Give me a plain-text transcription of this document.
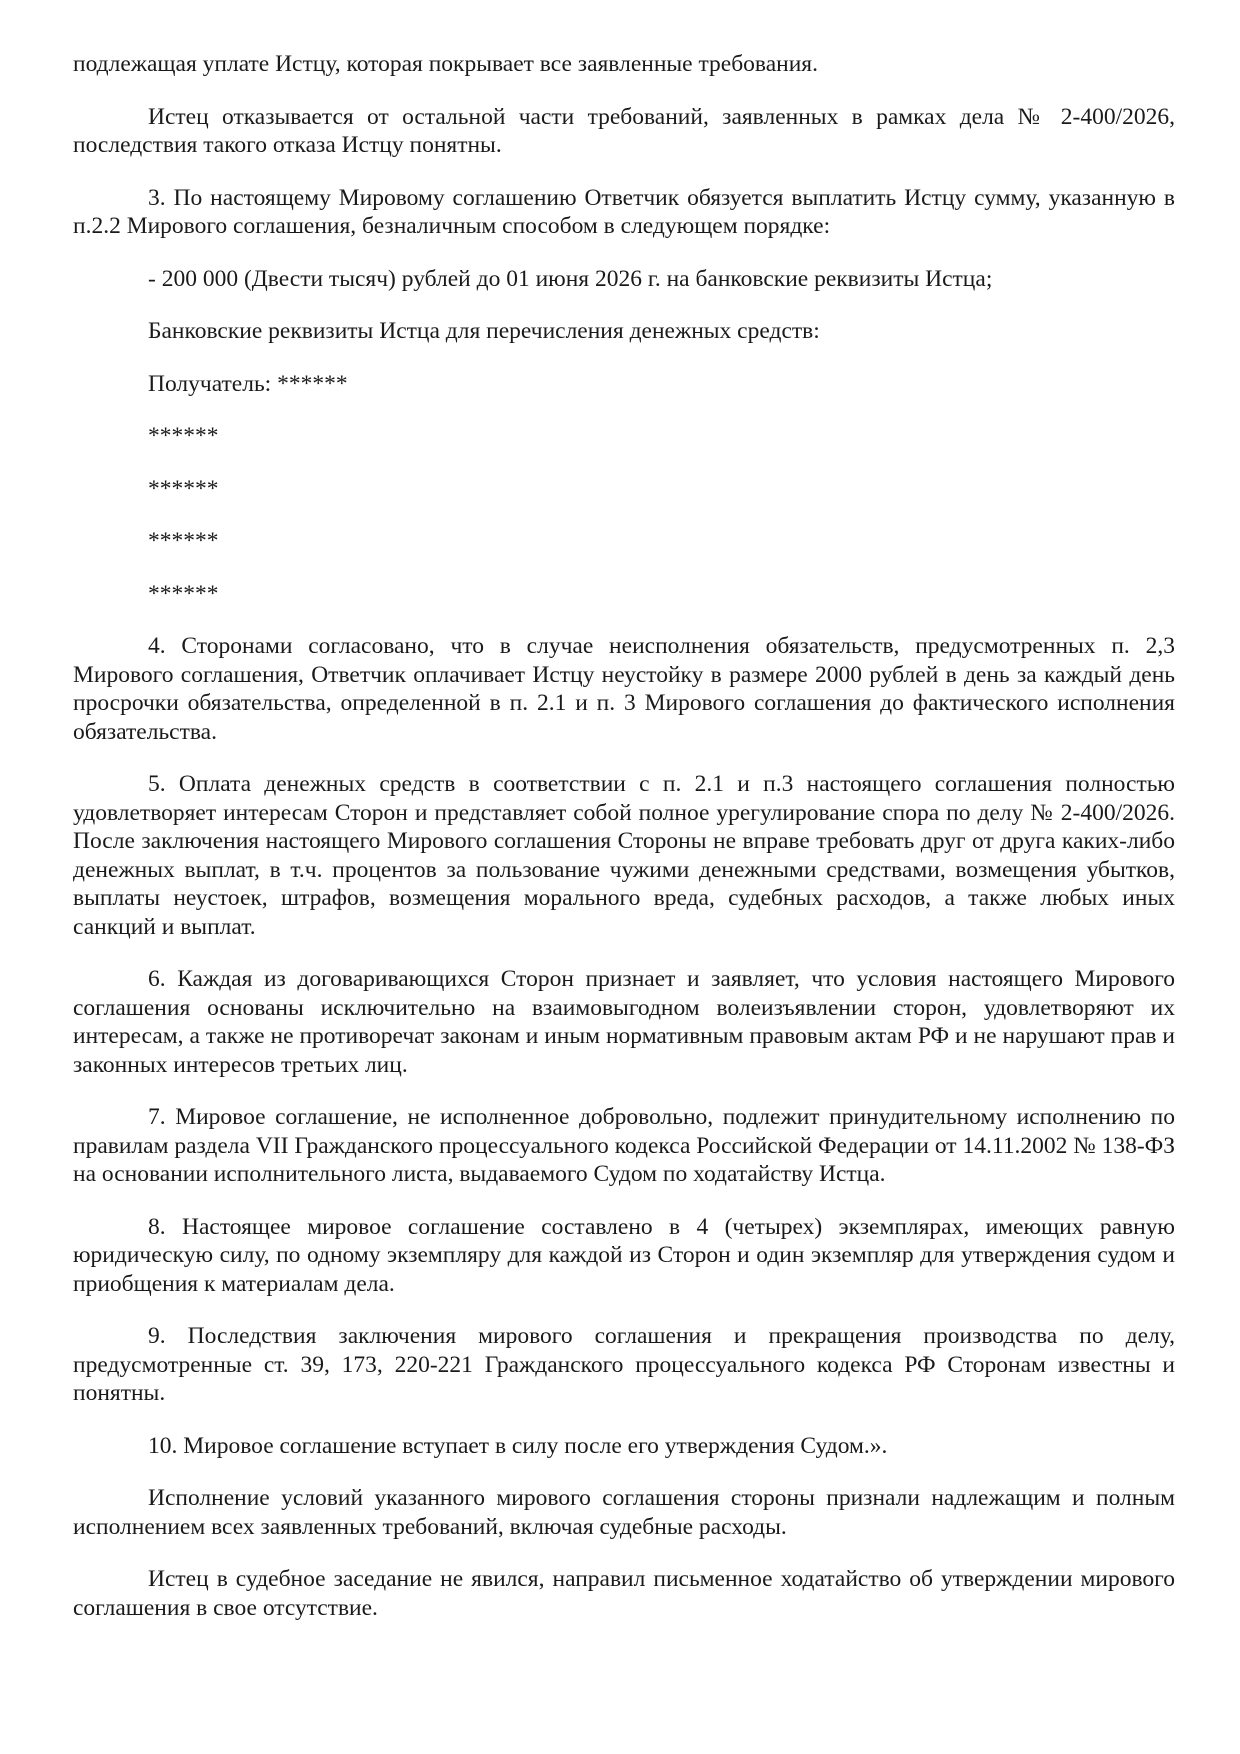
подлежащая уплате Истцу, которая покрывает все заявленные требования.

Истец отказывается от остальной части требований, заявленных в рамках дела № 2-400/2026, последствия такого отказа Истцу понятны.

3. По настоящему Мировому соглашению Ответчик обязуется выплатить Истцу сумму, указанную в п.2.2 Мирового соглашения, безналичным способом в следующем порядке:

- 200 000 (Двести тысяч) рублей до 01 июня 2026 г. на банковские реквизиты Истца;

Банковские реквизиты Истца для перечисления денежных средств:

Получатель: ******

******

******

******

******

4. Сторонами согласовано, что в случае неисполнения обязательств, предусмотренных п. 2,3 Мирового соглашения, Ответчик оплачивает Истцу неустойку в размере 2000 рублей в день за каждый день просрочки обязательства, определенной в п. 2.1 и п. 3 Мирового соглашения до фактического исполнения обязательства.

5. Оплата денежных средств в соответствии с п. 2.1 и п.3 настоящего соглашения полностью удовлетворяет интересам Сторон и представляет собой полное урегулирование спора по делу № 2-400/2026. После заключения настоящего Мирового соглашения Стороны не вправе требовать друг от друга каких-либо денежных выплат, в т.ч. процентов за пользование чужими денежными средствами, возмещения убытков, выплаты неустоек, штрафов, возмещения морального вреда, судебных расходов, а также любых иных санкций и выплат.

6. Каждая из договаривающихся Сторон признает и заявляет, что условия настоящего Мирового соглашения основаны исключительно на взаимовыгодном волеизъявлении сторон, удовлетворяют их интересам, а также не противоречат законам и иным нормативным правовым актам РФ и не нарушают прав и законных интересов третьих лиц.

7. Мировое соглашение, не исполненное добровольно, подлежит принудительному исполнению по правилам раздела VII Гражданского процессуального кодекса Российской Федерации от 14.11.2002 № 138-ФЗ на основании исполнительного листа, выдаваемого Судом по ходатайству Истца.

8. Настоящее мировое соглашение составлено в 4 (четырех) экземплярах, имеющих равную юридическую силу, по одному экземпляру для каждой из Сторон и один экземпляр для утверждения судом и приобщения к материалам дела.

9. Последствия заключения мирового соглашения и прекращения производства по делу, предусмотренные ст. 39, 173, 220-221 Гражданского процессуального кодекса РФ Сторонам известны и понятны.

10. Мировое соглашение вступает в силу после его утверждения Судом.».

Исполнение условий указанного мирового соглашения стороны признали надлежащим и полным исполнением всех заявленных требований, включая судебные расходы.

Истец в судебное заседание не явился, направил письменное ходатайство об утверждении мирового соглашения в свое отсутствие.
